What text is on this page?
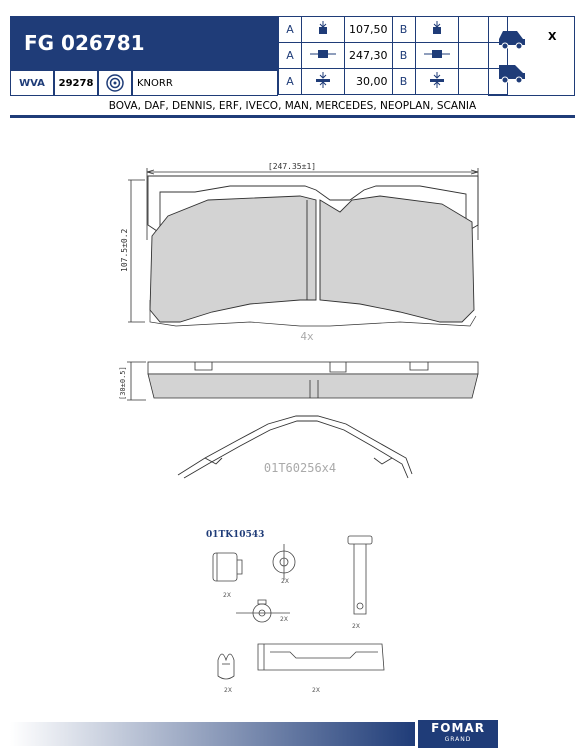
FG 026781
A		107,50	B		
A		247,30	B		
A		30,00	B		
WVA	29278	KNORR
X
BOVA, DAF, DENNIS, ERF, IVECO, MAN, MERCEDES, NEOPLAN, SCANIA
[247.35±1]
107.5±0.2
4x
[30±0.5]
01T60256x4
2X
2X
2X
2X
2X	2X
01TK10543
FOMAR
GRAND
